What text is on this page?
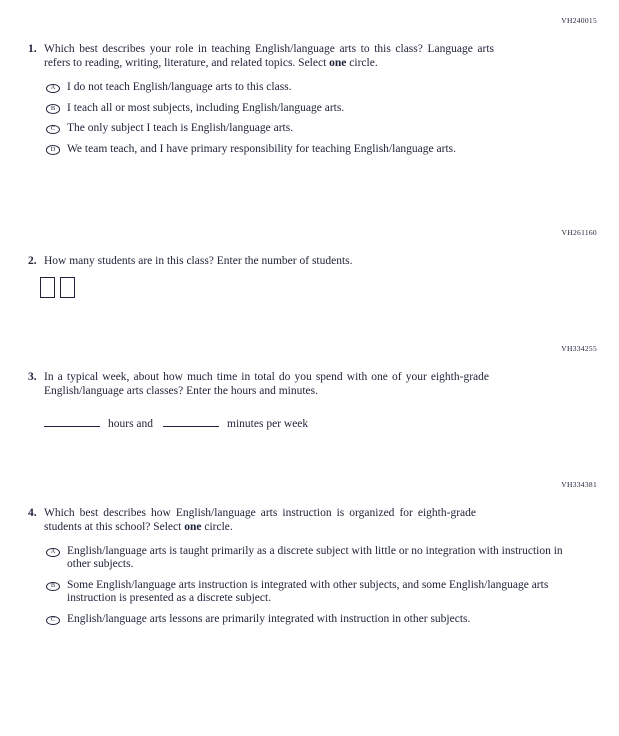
VH240015
1. Which best describes your role in teaching English/language arts to this class? Language arts refers to reading, writing, literature, and related topics. Select one circle.

A I do not teach English/language arts to this class.
B I teach all or most subjects, including English/language arts.
C The only subject I teach is English/language arts.
D We team teach, and I have primary responsibility for teaching English/language arts.
VH261160
2. How many students are in this class? Enter the number of students.

VH334255
3. In a typical week, about how much time in total do you spend with one of your eighth-grade English/language arts classes? Enter the hours and minutes.

hours and	minutes per week
VH334381
4. Which best describes how English/language arts instruction is organized for eighth-grade students at this school? Select one circle.

A English/language arts is taught primarily as a discrete subject with little or no integration with instruction in other subjects.
B Some English/language arts instruction is integrated with other subjects, and some English/language arts instruction is presented as a discrete subject.
C English/language arts lessons are primarily integrated with instruction in other subjects.
